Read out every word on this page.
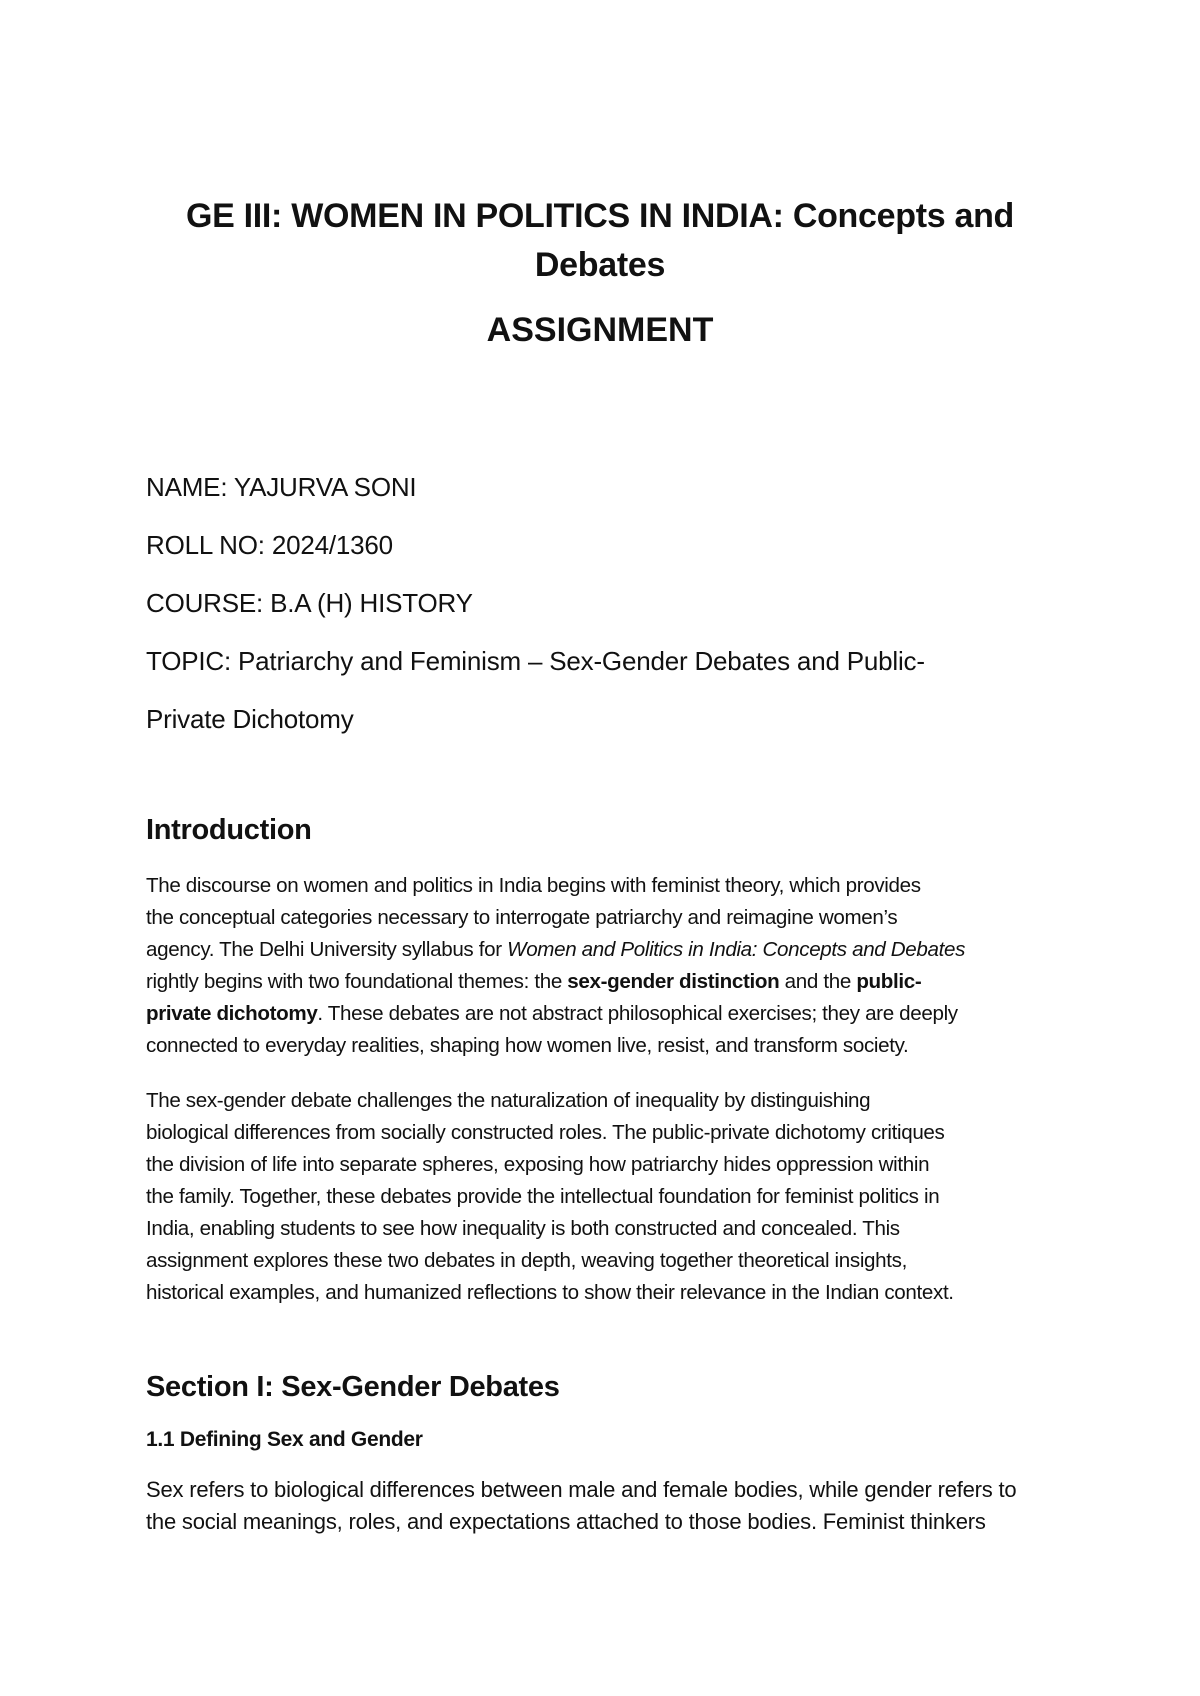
GE III: WOMEN IN POLITICS IN INDIA: Concepts and
Debates

ASSIGNMENT

NAME: YAJURVA SONI

ROLL NO: 2024/1360

COURSE: B.A (H) HISTORY

TOPIC: Patriarchy and Feminism – Sex-Gender Debates and Public-

Private Dichotomy

Introduction

The discourse on women and politics in India begins with feminist theory, which provides
the conceptual categories necessary to interrogate patriarchy and reimagine women’s
agency. The Delhi University syllabus for Women and Politics in India: Concepts and Debates
rightly begins with two foundational themes: the sex-gender distinction and the public-
private dichotomy. These debates are not abstract philosophical exercises; they are deeply
connected to everyday realities, shaping how women live, resist, and transform society.

The sex-gender debate challenges the naturalization of inequality by distinguishing
biological differences from socially constructed roles. The public-private dichotomy critiques
the division of life into separate spheres, exposing how patriarchy hides oppression within
the family. Together, these debates provide the intellectual foundation for feminist politics in
India, enabling students to see how inequality is both constructed and concealed. This
assignment explores these two debates in depth, weaving together theoretical insights,
historical examples, and humanized reflections to show their relevance in the Indian context.

Section I: Sex-Gender Debates
1.1 Defining Sex and Gender

Sex refers to biological differences between male and female bodies, while gender refers to
the social meanings, roles, and expectations attached to those bodies. Feminist thinkers
